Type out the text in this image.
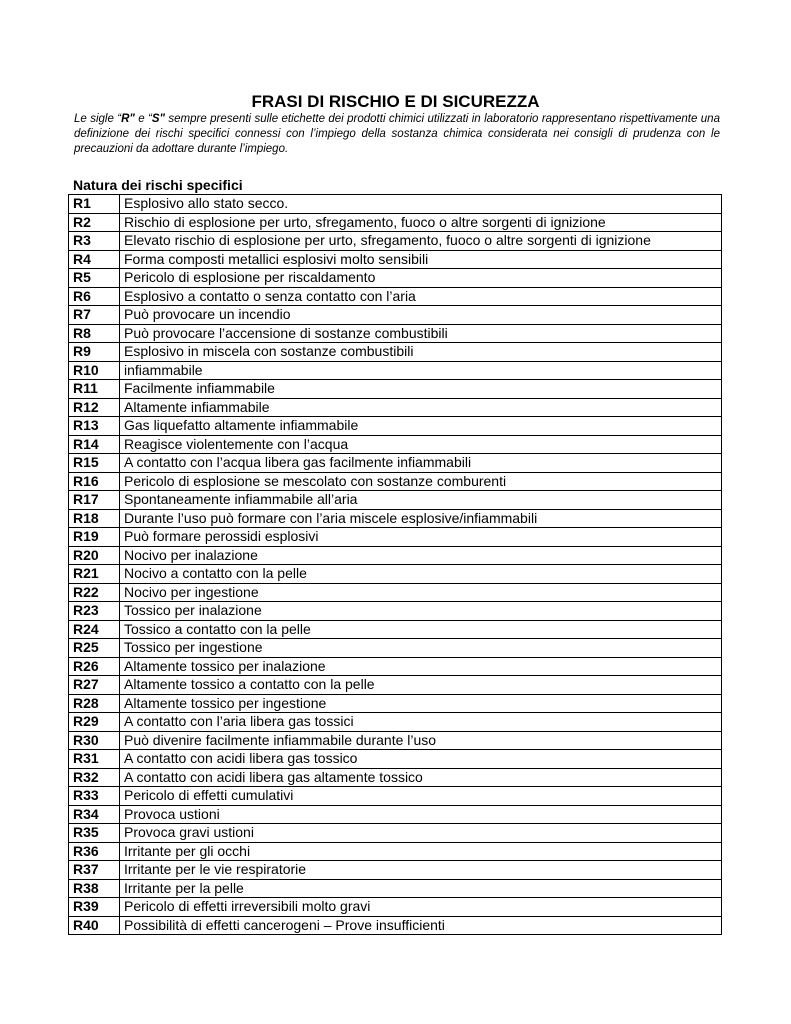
FRASI DI RISCHIO E DI SICUREZZA

Le sigle “R" e “S" sempre presenti sulle etichette dei prodotti chimici utilizzati in laboratorio rappresentano rispettivamente una definizione dei rischi specifici connessi con l’impiego della sostanza chimica considerata nei consigli di prudenza con le precauzioni da adottare durante l’impiego.

Natura dei rischi specifici
R1	Esplosivo allo stato secco.
R2	Rischio di esplosione per urto, sfregamento, fuoco o altre sorgenti di ignizione
R3	Elevato rischio di esplosione per urto, sfregamento, fuoco o altre sorgenti di ignizione
R4	Forma composti metallici esplosivi molto sensibili
R5	Pericolo di esplosione per riscaldamento
R6	Esplosivo a contatto o senza contatto con l’aria
R7	Può provocare un incendio
R8	Può provocare l’accensione di sostanze combustibili
R9	Esplosivo in miscela con sostanze combustibili
R10	infiammabile
R11	Facilmente infiammabile
R12	Altamente infiammabile
R13	Gas liquefatto altamente infiammabile
R14	Reagisce violentemente con l’acqua
R15	A contatto con l’acqua libera gas facilmente infiammabili
R16	Pericolo di esplosione se mescolato con sostanze comburenti
R17	Spontaneamente infiammabile all’aria
R18	Durante l’uso può formare con l’aria miscele esplosive/infiammabili
R19	Può formare perossidi esplosivi
R20	Nocivo per inalazione
R21	Nocivo a contatto con la pelle
R22	Nocivo per ingestione
R23	Tossico per inalazione
R24	Tossico a contatto con la pelle
R25	Tossico per ingestione
R26	Altamente tossico per inalazione
R27	Altamente tossico a contatto con la pelle
R28	Altamente tossico per ingestione
R29	A contatto con l’aria libera gas tossici
R30	Può divenire facilmente infiammabile durante l’uso
R31	A contatto con acidi libera gas tossico
R32	A contatto con acidi libera gas altamente tossico
R33	Pericolo di effetti cumulativi
R34	Provoca ustioni
R35	Provoca gravi ustioni
R36	Irritante per gli occhi
R37	Irritante per le vie respiratorie
R38	Irritante per la pelle
R39	Pericolo di effetti irreversibili molto gravi
R40	Possibilità di effetti cancerogeni – Prove insufficienti
